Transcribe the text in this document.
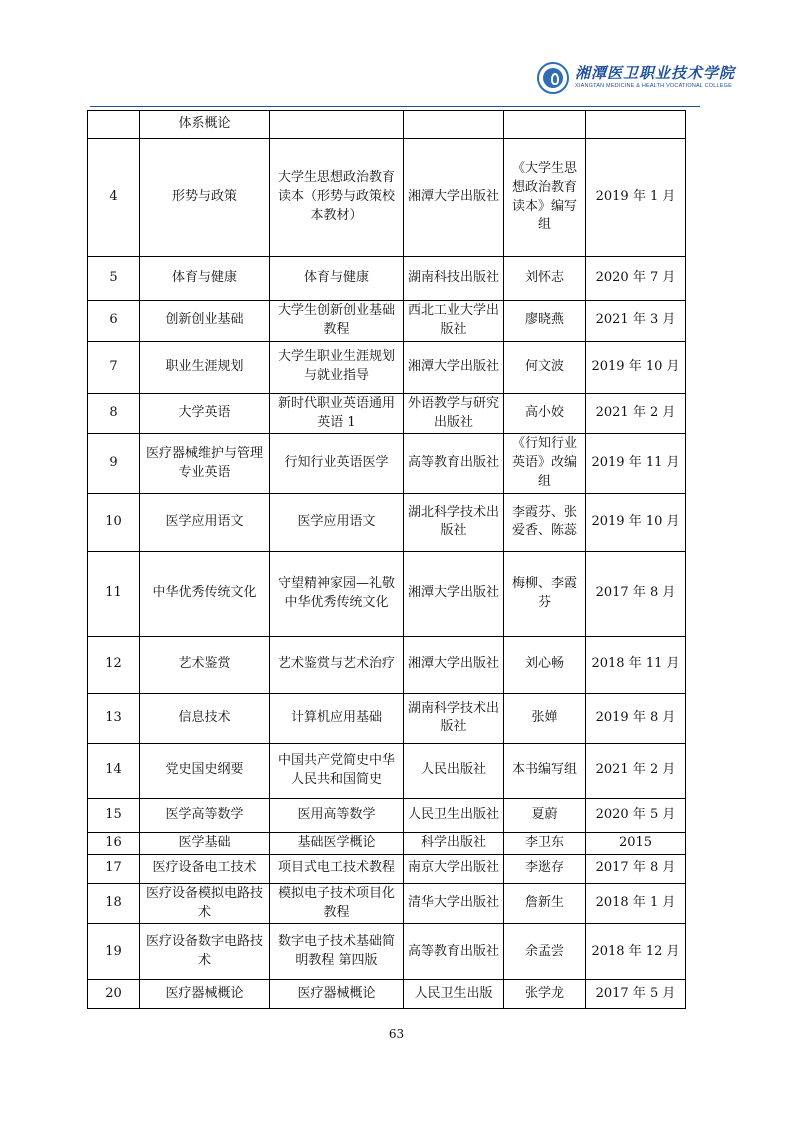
湘潭医卫职业技术学院
XIANGTAN MEDICINE & HEALTH VOCATIONAL COLLEGE
	体系概论				
4	形势与政策	大学生思想政治教育读本（形势与政策校本教材）	湘潭大学出版社	《大学生思想政治教育读本》编写组	2019 年 1 月
5	体育与健康	体育与健康	湖南科技出版社	刘怀志	2020 年 7 月
6	创新创业基础	大学生创新创业基础教程	西北工业大学出版社	廖晓燕	2021 年 3 月
7	职业生涯规划	大学生职业生涯规划与就业指导	湘潭大学出版社	何文波	2019 年 10 月
8	大学英语	新时代职业英语通用英语 1	外语教学与研究出版社	高小姣	2021 年 2 月
9	医疗器械维护与管理专业英语	行知行业英语医学	高等教育出版社	《行知行业英语》改编组	2019 年 11 月
10	医学应用语文	医学应用语文	湖北科学技术出版社	李霞芬、张爱香、陈蕊	2019 年 10 月
11	中华优秀传统文化	守望精神家园—礼敬中华优秀传统文化	湘潭大学出版社	梅柳、李霞芬	2017 年 8 月
12	艺术鉴赏	艺术鉴赏与艺术治疗	湘潭大学出版社	刘心畅	2018 年 11 月
13	信息技术	计算机应用基础	湖南科学技术出版社	张婵	2019 年 8 月
14	党史国史纲要	中国共产党简史中华人民共和国简史	人民出版社	本书编写组	2021 年 2 月
15	医学高等数学	医用高等数学	人民卫生出版社	夏蔚	2020 年 5 月
16	医学基础	基础医学概论	科学出版社	李卫东	2015
17	医疗设备电工技术	项目式电工技术教程	南京大学出版社	李逖存	2017 年 8 月
18	医疗设备模拟电路技术	模拟电子技术项目化教程	清华大学出版社	詹新生	2018 年 1 月
19	医疗设备数字电路技术	数字电子技术基础简明教程 第四版	高等教育出版社	余孟尝	2018 年 12 月
20	医疗器械概论	医疗器械概论	人民卫生出版	张学龙	2017 年 5 月
63
